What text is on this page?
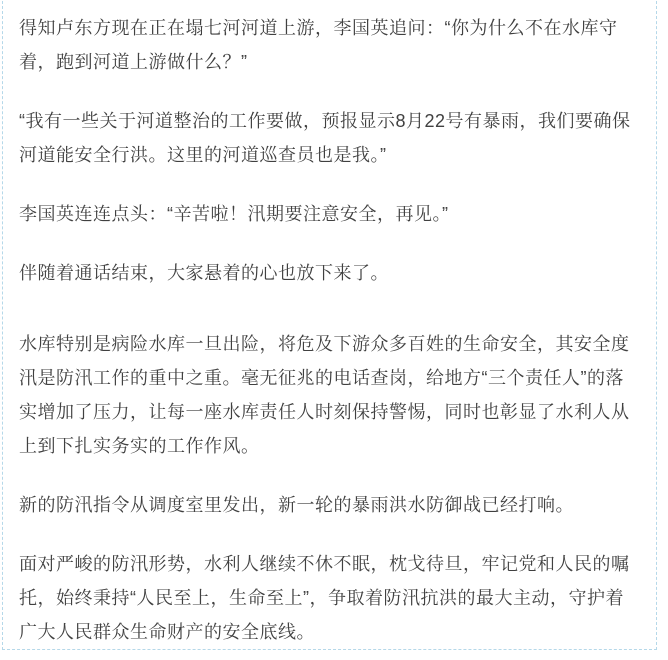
得知卢东方现在正在塌七河河道上游，李国英追问：“你为什么不在水库守着，跑到河道上游做什么？”

“我有一些关于河道整治的工作要做，预报显示8月22号有暴雨，我们要确保河道能安全行洪。这里的河道巡查员也是我。”

李国英连连点头：“辛苦啦！汛期要注意安全，再见。”

伴随着通话结束，大家悬着的心也放下来了。

水库特别是病险水库一旦出险，将危及下游众多百姓的生命安全，其安全度汛是防汛工作的重中之重。毫无征兆的电话查岗，给地方“三个责任人”的落实增加了压力，让每一座水库责任人时刻保持警惕，同时也彰显了水利人从上到下扎实务实的工作作风。

新的防汛指令从调度室里发出，新一轮的暴雨洪水防御战已经打响。

面对严峻的防汛形势，水利人继续不休不眠，枕戈待旦，牢记党和人民的嘱托，始终秉持“人民至上，生命至上”，争取着防汛抗洪的最大主动，守护着广大人民群众生命财产的安全底线。
